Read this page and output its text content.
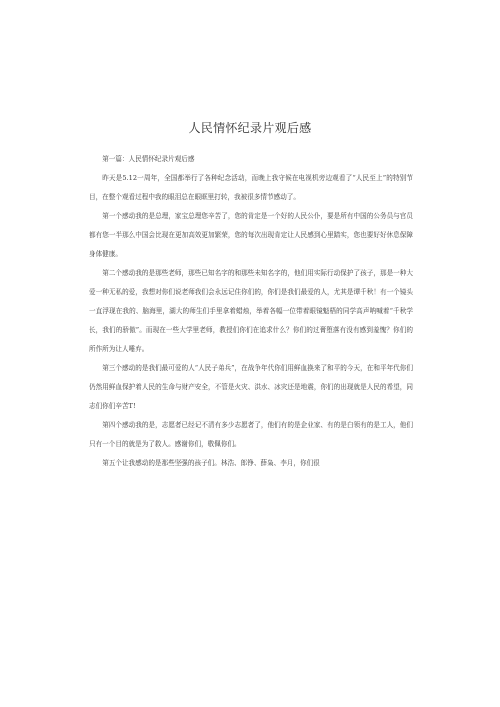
人民情怀纪录片观后感

第一篇：人民情怀纪录片观后感

昨天是5.12一周年，全国都举行了各种纪念活动，而晚上我守候在电视机旁边观看了“人民至上”的特别节目，在整个观看过程中我的眼泪总在眼眶里打转，我被很多情节感动了。

第一个感动我的是总理，家宝总理您辛苦了，您的肯定是一个好的人民公仆，要是所有中国的公务员与官员都有您一半那么中国会比现在更加高效更加繁荣，您的每次出现肯定让人民感到心里踏实，您也要好好休息保障身体健康。

第二个感动我的是那些老师，那些已知名字的和那些未知名字的，他们用实际行动保护了孩子，那是一种大爱一种无私的爱，我想对你们说老师我们会永远记住你们的，你们是我们最爱的人，尤其是谭千秋！有一个镜头一直浮现在我的、脑海里，湖大的师生们手里拿着蜡烛，举着各幅一位带着眼镜魁梧的同学高声呐喊着“千秋学长，我们的骄傲”。而现在一些大学里老师，教授们你们在追求什么？你们的过膏堕落有没有感到羞愧？你们的所作所为让人唾弃。

第三个感动的是我们最可爱的人“人民子弟兵”，在战争年代你们用鲜血换来了和平的今天，在和平年代你们仍然用鲜血保护着人民的生命与财产安全，不管是火灾、洪水、冰灾还是地震，你们的出现就是人民的希望，同志们你们辛苦T!

第四个感动我的是，志愿者已经记不清有多少志愿者了，他们有的是企业家、有的是白领有的是工人，他们只有一个目的就是为了救人。感谢你们，敬佩你们。

第五个让我感动的是那些坚强的孩子们。林浩、郎铮、薛枭、李月，你们很
